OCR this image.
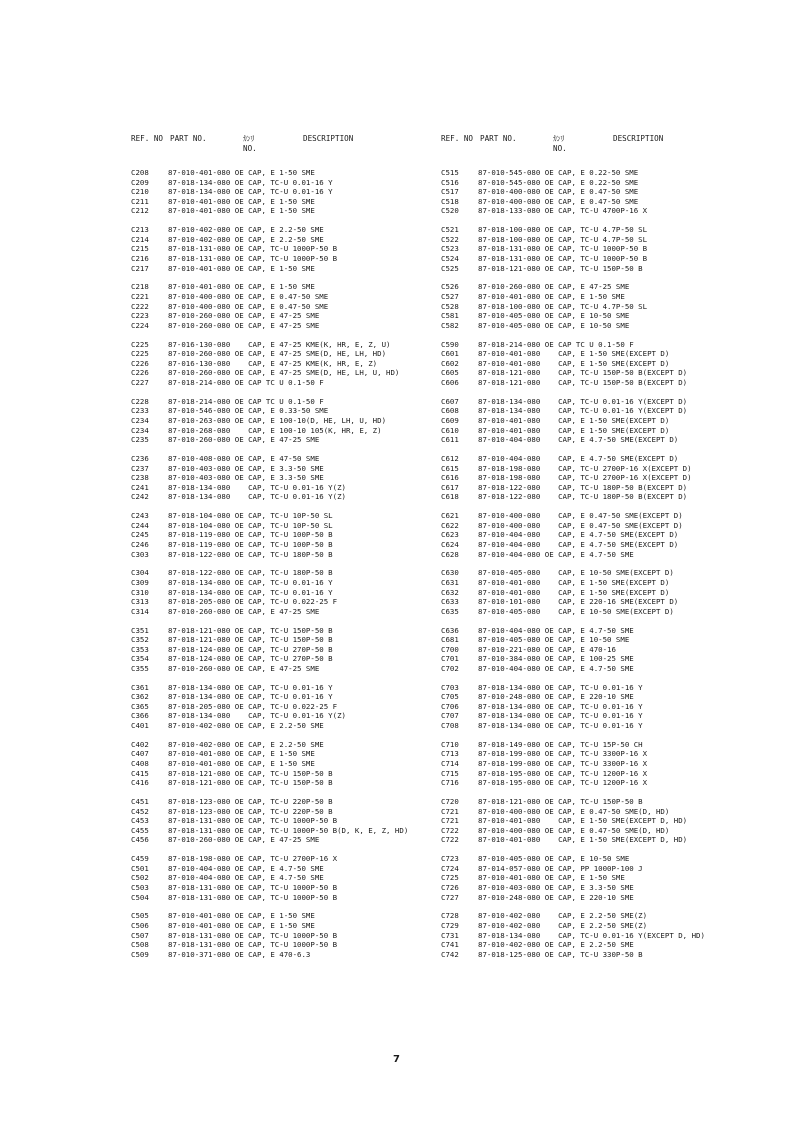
REF. NO PART NO.	ｶﾝﾘ
NO.
DESCRIPTION
C208	87-010-401-080 OE CAP, E 1-50 SME
C209	87-018-134-080 OE CAP, TC-U 0.01-16 Y
C210	87-018-134-080 OE CAP, TC-U 0.01-16 Y
C211	87-010-401-080 OE CAP, E 1-50 SME
C212	87-010-401-080 OE CAP, E 1-50 SME
C213	87-010-402-080 OE CAP, E 2.2-50 SME
C214	87-010-402-080 OE CAP, E 2.2-50 SME
C215	87-018-131-080 OE CAP, TC-U 1000P-50 B
C216	87-018-131-080 OE CAP, TC-U 1000P-50 B
C217	87-010-401-080 OE CAP, E 1-50 SME
C218	87-010-401-080 OE CAP, E 1-50 SME
C221	87-010-400-080 OE CAP, E 0.47-50 SME
C222	87-010-400-080 OE CAP, E 0.47-50 SME
C223	87-010-260-080 OE CAP, E 47-25 SME
C224	87-010-260-080 OE CAP, E 47-25 SME
C225	87-016-130-080    CAP, E 47-25 KME(K, HR, E, Z, U)
C225	87-010-260-080 OE CAP, E 47-25 SME(D, HE, LH, HD)
C226	87-016-130-080    CAP, E 47-25 KME(K, HR, E, Z)
C226	87-010-260-080 OE CAP, E 47-25 SME(D, HE, LH, U, HD)
C227	87-018-214-080 OE CAP TC U 0.1-50 F
C228	87-018-214-080 OE CAP TC U 0.1-50 F
C233	87-010-546-080 OE CAP, E 0.33-50 SME
C234	87-010-263-080 OE CAP, E 100-10(D, HE, LH, U, HD)
C234	87-010-268-080    CAP, E 100-10 105(K, HR, E, Z)
C235	87-010-260-080 OE CAP, E 47-25 SME
C236	87-010-408-080 OE CAP, E 47-50 SME
C237	87-010-403-080 OE CAP, E 3.3-50 SME
C238	87-010-403-080 OE CAP, E 3.3-50 SME
C241	87-018-134-080    CAP, TC-U 0.01-16 Y(Z)
C242	87-018-134-080    CAP, TC-U 0.01-16 Y(Z)
C243	87-018-104-080 OE CAP, TC-U 10P-50 SL
C244	87-018-104-080 OE CAP, TC-U 10P-50 SL
C245	87-018-119-080 OE CAP, TC-U 100P-50 B
C246	87-018-119-080 OE CAP, TC-U 100P-50 B
C303	87-018-122-080 OE CAP, TC-U 180P-50 B
C304	87-018-122-080 OE CAP, TC-U 180P-50 B
C309	87-018-134-080 OE CAP, TC-U 0.01-16 Y
C310	87-018-134-080 OE CAP, TC-U 0.01-16 Y
C313	87-018-205-080 OE CAP, TC-U 0.022-25 F
C314	87-010-260-080 OE CAP, E 47-25 SME
C351	87-018-121-080 OE CAP, TC-U 150P-50 B
C352	87-018-121-080 OE CAP, TC-U 150P-50 B
C353	87-018-124-080 OE CAP, TC-U 270P-50 B
C354	87-018-124-080 OE CAP, TC-U 270P-50 B
C355	87-010-260-080 OE CAP, E 47-25 SME
C361	87-018-134-080 OE CAP, TC-U 0.01-16 Y
C362	87-018-134-080 OE CAP, TC-U 0.01-16 Y
C365	87-018-205-080 OE CAP, TC-U 0.022-25 F
C366	87-018-134-080    CAP, TC-U 0.01-16 Y(Z)
C401	87-010-402-080 OE CAP, E 2.2-50 SME
C402	87-010-402-080 OE CAP, E 2.2-50 SME
C407	87-010-401-080 OE CAP, E 1-50 SME
C408	87-010-401-080 OE CAP, E 1-50 SME
C415	87-018-121-080 OE CAP, TC-U 150P-50 B
C416	87-018-121-080 OE CAP, TC-U 150P-50 B
C451	87-018-123-080 OE CAP, TC-U 220P-50 B
C452	87-018-123-080 OE CAP, TC-U 220P-50 B
C453	87-018-131-080 OE CAP, TC-U 1000P-50 B
C455	87-018-131-080 OE CAP, TC-U 1000P-50 B(D, K, E, Z, HD)
C456	87-010-260-080 OE CAP, E 47-25 SME
C459	87-018-198-080 OE CAP, TC-U 2700P-16 X
C501	87-010-404-080 OE CAP, E 4.7-50 SME
C502	87-010-404-080 OE CAP, E 4.7-50 SME
C503	87-018-131-080 OE CAP, TC-U 1000P-50 B
C504	87-018-131-080 OE CAP, TC-U 1000P-50 B
C505	87-010-401-080 OE CAP, E 1-50 SME
C506	87-010-401-080 OE CAP, E 1-50 SME
C507	87-018-131-080 OE CAP, TC-U 1000P-50 B
C508	87-018-131-080 OE CAP, TC-U 1000P-50 B
C509	87-010-371-080 OE CAP, E 470-6.3
REF. NO PART NO.	ｶﾝﾘ
NO.
DESCRIPTION
C515	87-010-545-080 OE CAP, E 0.22-50 SME
C516	87-010-545-080 OE CAP, E 0.22-50 SME
C517	87-010-400-080 OE CAP, E 0.47-50 SME
C518	87-010-400-080 OE CAP, E 0.47-50 SME
C520	87-018-133-080 OE CAP, TC-U 4700P-16 X
C521	87-018-100-080 OE CAP, TC-U 4.7P-50 SL
C522	87-018-100-080 OE CAP, TC-U 4.7P-50 SL
C523	87-018-131-080 OE CAP, TC-U 1000P-50 B
C524	87-018-131-080 OE CAP, TC-U 1000P-50 B
C525	87-018-121-080 OE CAP, TC-U 150P-50 B
C526	87-010-260-080 OE CAP, E 47-25 SME
C527	87-010-401-080 OE CAP, E 1-50 SME
C528	87-018-100-080 OE CAP, TC-U 4.7P-50 SL
C581	87-010-405-080 OE CAP, E 10-50 SME
C582	87-010-405-080 OE CAP, E 10-50 SME
C590	87-018-214-080 OE CAP TC U 0.1-50 F
C601	87-010-401-080    CAP, E 1-50 SME(EXCEPT D)
C602	87-010-401-080    CAP, E 1-50 SME(EXCEPT D)
C605	87-018-121-080    CAP, TC-U 150P-50 B(EXCEPT D)
C606	87-018-121-080    CAP, TC-U 150P-50 B(EXCEPT D)
C607	87-018-134-080    CAP, TC-U 0.01-16 Y(EXCEPT D)
C608	87-018-134-080    CAP, TC-U 0.01-16 Y(EXCEPT D)
C609	87-010-401-080    CAP, E 1-50 SME(EXCEPT D)
C610	87-010-401-080    CAP, E 1-50 SME(EXCEPT D)
C611	87-010-404-080    CAP, E 4.7-50 SME(EXCEPT D)
C612	87-010-404-080    CAP, E 4.7-50 SME(EXCEPT D)
C615	87-018-198-080    CAP, TC-U 2700P-16 X(EXCEPT D)
C616	87-018-198-080    CAP, TC-U 2700P-16 X(EXCEPT D)
C617	87-018-122-080    CAP, TC-U 180P-50 B(EXCEPT D)
C618	87-018-122-080    CAP, TC-U 180P-50 B(EXCEPT D)
C621	87-010-400-080    CAP, E 0.47-50 SME(EXCEPT D)
C622	87-010-400-080    CAP, E 0.47-50 SME(EXCEPT D)
C623	87-010-404-080    CAP, E 4.7-50 SME(EXCEPT D)
C624	87-010-404-080    CAP, E 4.7-50 SME(EXCEPT D)
C628	87-010-404-080 OE CAP, E 4.7-50 SME
C630	87-010-405-080    CAP, E 10-50 SME(EXCEPT D)
C631	87-010-401-080    CAP, E 1-50 SME(EXCEPT D)
C632	87-010-401-080    CAP, E 1-50 SME(EXCEPT D)
C633	87-010-101-080    CAP, E 220-16 SME(EXCEPT D)
C635	87-010-405-080    CAP, E 10-50 SME(EXCEPT D)
C636	87-010-404-080 OE CAP, E 4.7-50 SME
C681	87-010-405-080 OE CAP, E 10-50 SME
C700	87-010-221-080 OE CAP, E 470-16
C701	87-010-384-080 OE CAP, E 100-25 SME
C702	87-010-404-080 OE CAP, E 4.7-50 SME
C703	87-018-134-080 OE CAP, TC-U 0.01-16 Y
C705	87-010-248-080 OE CAP, E 220-10 SME
C706	87-018-134-080 OE CAP, TC-U 0.01-16 Y
C707	87-018-134-080 OE CAP, TC-U 0.01-16 Y
C708	87-018-134-080 OE CAP, TC-U 0.01-16 Y
C710	87-018-149-080 OE CAP, TC-U 15P-50 CH
C713	87-018-199-080 OE CAP, TC-U 3300P-16 X
C714	87-018-199-080 OE CAP, TC-U 3300P-16 X
C715	87-018-195-080 OE CAP, TC-U 1200P-16 X
C716	87-018-195-080 OE CAP, TC-U 1200P-16 X
C720	87-018-121-080 OE CAP, TC-U 150P-50 B
C721	87-010-400-080 OE CAP, E 0.47-50 SME(D, HD)
C721	87-010-401-080    CAP, E 1-50 SME(EXCEPT D, HD)
C722	87-010-400-080 OE CAP, E 0.47-50 SME(D, HD)
C722	87-010-401-080    CAP, E 1-50 SME(EXCEPT D, HD)
C723	87-010-405-080 OE CAP, E 10-50 SME
C724	87-014-057-080 OE CAP, PP 1000P-100 J
C725	87-010-401-080 OE CAP, E 1-50 SME
C726	87-010-403-080 OE CAP, E 3.3-50 SME
C727	87-010-248-080 OE CAP, E 220-10 SME
C728	87-010-402-080    CAP, E 2.2-50 SME(Z)
C729	87-010-402-080    CAP, E 2.2-50 SME(Z)
C731	87-018-134-080    CAP, TC-U 0.01-16 Y(EXCEPT D, HD)
C741	87-010-402-080 OE CAP, E 2.2-50 SME
C742	87-018-125-080 OE CAP, TC-U 330P-50 B
7
